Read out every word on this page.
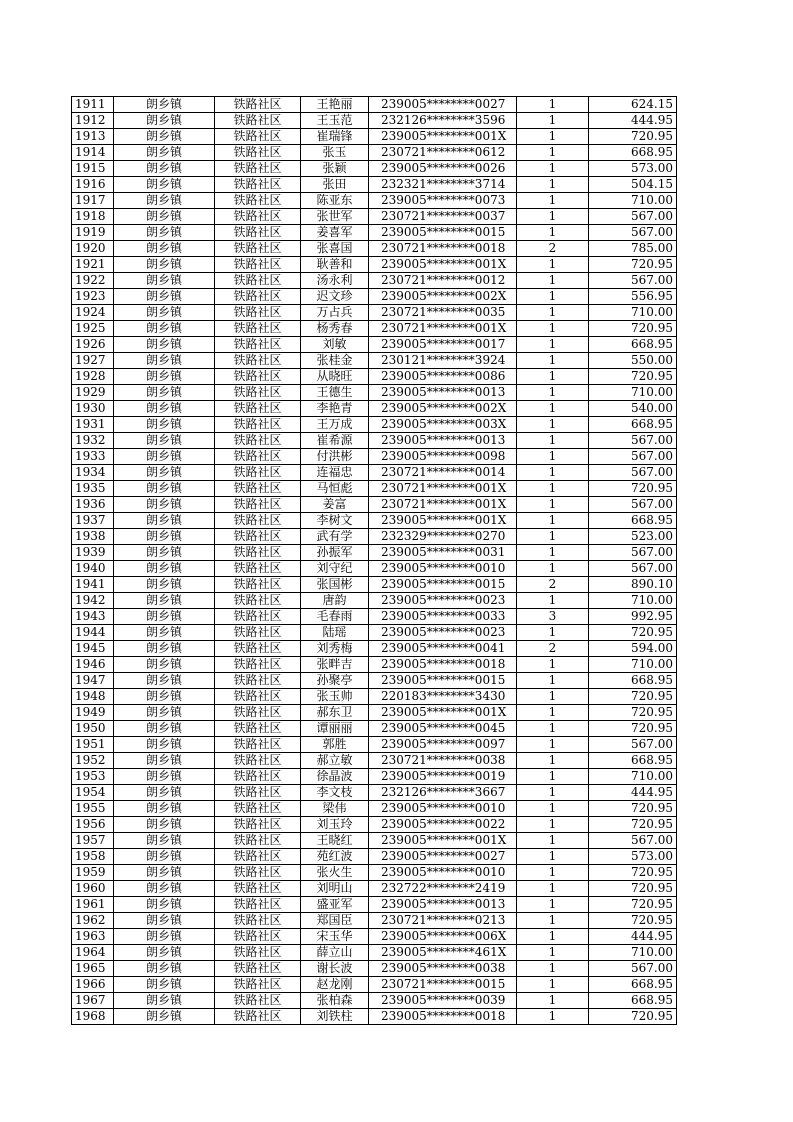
1911	朗乡镇	铁路社区	王艳丽	239005********0027	1	624.15
1912	朗乡镇	铁路社区	王玉范	232126********3596	1	444.95
1913	朗乡镇	铁路社区	崔瑞锋	239005********001X	1	720.95
1914	朗乡镇	铁路社区	张玉	230721********0612	1	668.95
1915	朗乡镇	铁路社区	张颖	239005********0026	1	573.00
1916	朗乡镇	铁路社区	张田	232321********3714	1	504.15
1917	朗乡镇	铁路社区	陈亚东	239005********0073	1	710.00
1918	朗乡镇	铁路社区	张世军	230721********0037	1	567.00
1919	朗乡镇	铁路社区	姜喜军	239005********0015	1	567.00
1920	朗乡镇	铁路社区	张喜国	230721********0018	2	785.00
1921	朗乡镇	铁路社区	耿善和	239005********001X	1	720.95
1922	朗乡镇	铁路社区	汤永利	230721********0012	1	567.00
1923	朗乡镇	铁路社区	迟文珍	239005********002X	1	556.95
1924	朗乡镇	铁路社区	万占兵	230721********0035	1	710.00
1925	朗乡镇	铁路社区	杨秀春	230721********001X	1	720.95
1926	朗乡镇	铁路社区	刘敏	239005********0017	1	668.95
1927	朗乡镇	铁路社区	张桂金	230121********3924	1	550.00
1928	朗乡镇	铁路社区	从晓旺	239005********0086	1	720.95
1929	朗乡镇	铁路社区	王德生	239005********0013	1	710.00
1930	朗乡镇	铁路社区	李艳青	239005********002X	1	540.00
1931	朗乡镇	铁路社区	王万成	239005********003X	1	668.95
1932	朗乡镇	铁路社区	崔希源	239005********0013	1	567.00
1933	朗乡镇	铁路社区	付洪彬	239005********0098	1	567.00
1934	朗乡镇	铁路社区	连福忠	230721********0014	1	567.00
1935	朗乡镇	铁路社区	马恒彪	230721********001X	1	720.95
1936	朗乡镇	铁路社区	姜富	230721********001X	1	567.00
1937	朗乡镇	铁路社区	李树文	239005********001X	1	668.95
1938	朗乡镇	铁路社区	武有学	232329********0270	1	523.00
1939	朗乡镇	铁路社区	孙振军	239005********0031	1	567.00
1940	朗乡镇	铁路社区	刘守纪	239005********0010	1	567.00
1941	朗乡镇	铁路社区	张国彬	239005********0015	2	890.10
1942	朗乡镇	铁路社区	唐韵	239005********0023	1	710.00
1943	朗乡镇	铁路社区	毛春雨	239005********0033	3	992.95
1944	朗乡镇	铁路社区	陆瑶	239005********0023	1	720.95
1945	朗乡镇	铁路社区	刘秀梅	239005********0041	2	594.00
1946	朗乡镇	铁路社区	张畔吉	239005********0018	1	710.00
1947	朗乡镇	铁路社区	孙聚亭	239005********0015	1	668.95
1948	朗乡镇	铁路社区	张玉帅	220183********3430	1	720.95
1949	朗乡镇	铁路社区	郝东卫	239005********001X	1	720.95
1950	朗乡镇	铁路社区	谭丽丽	239005********0045	1	720.95
1951	朗乡镇	铁路社区	郭胜	239005********0097	1	567.00
1952	朗乡镇	铁路社区	郝立敏	230721********0038	1	668.95
1953	朗乡镇	铁路社区	徐晶波	239005********0019	1	710.00
1954	朗乡镇	铁路社区	李文枝	232126********3667	1	444.95
1955	朗乡镇	铁路社区	梁伟	239005********0010	1	720.95
1956	朗乡镇	铁路社区	刘玉玲	239005********0022	1	720.95
1957	朗乡镇	铁路社区	王晓红	239005********001X	1	567.00
1958	朗乡镇	铁路社区	苑红波	239005********0027	1	573.00
1959	朗乡镇	铁路社区	张火生	239005********0010	1	720.95
1960	朗乡镇	铁路社区	刘明山	232722********2419	1	720.95
1961	朗乡镇	铁路社区	盛亚军	239005********0013	1	720.95
1962	朗乡镇	铁路社区	郑国臣	230721********0213	1	720.95
1963	朗乡镇	铁路社区	宋玉华	239005********006X	1	444.95
1964	朗乡镇	铁路社区	薛立山	239005********461X	1	710.00
1965	朗乡镇	铁路社区	谢长波	239005********0038	1	567.00
1966	朗乡镇	铁路社区	赵龙刚	230721********0015	1	668.95
1967	朗乡镇	铁路社区	张柏森	239005********0039	1	668.95
1968	朗乡镇	铁路社区	刘铁柱	239005********0018	1	720.95
